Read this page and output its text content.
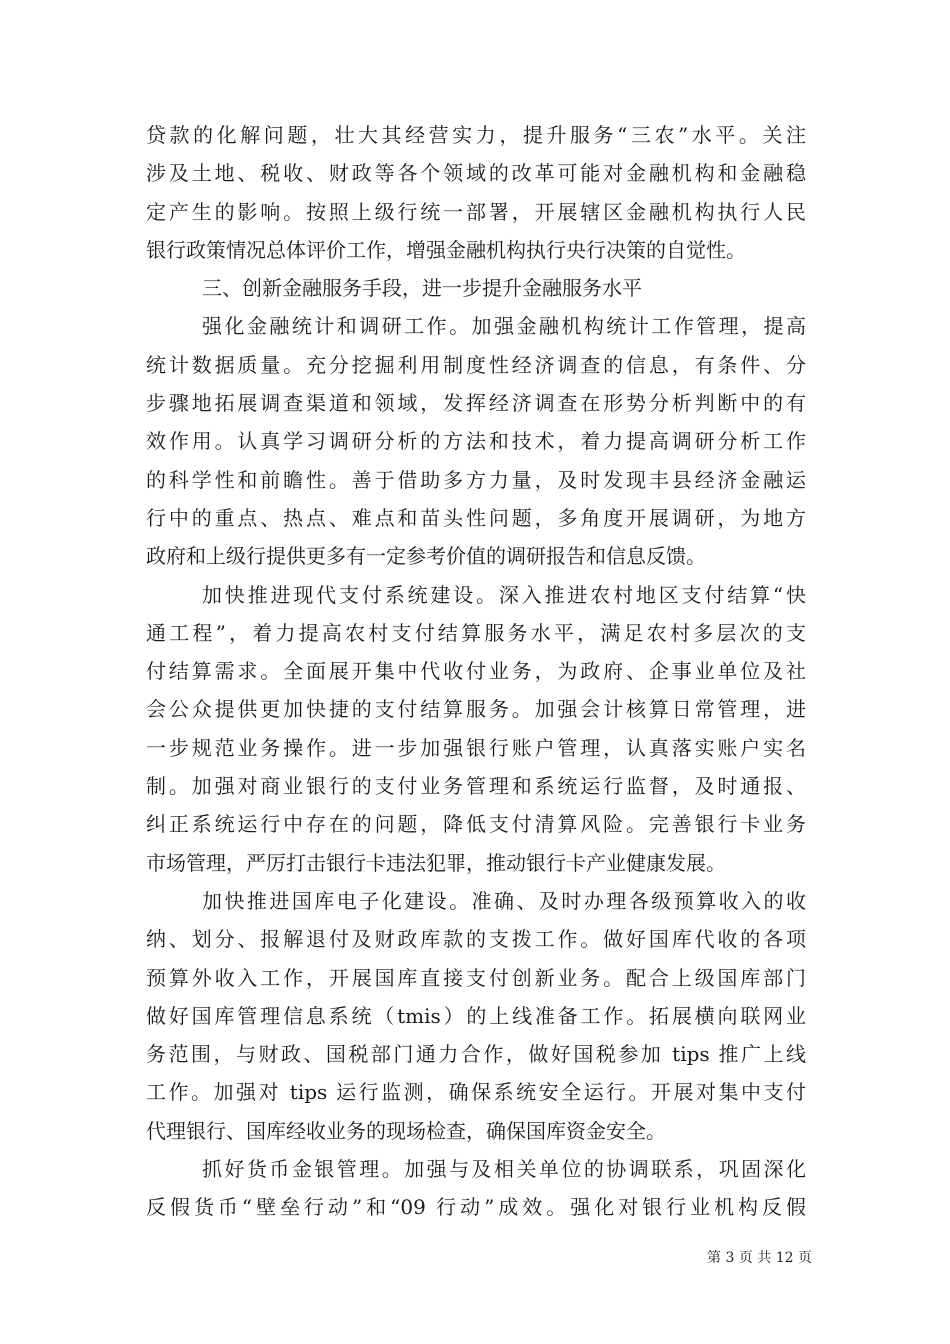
贷款的化解问题，壮大其经营实力，提升服务“三农”水平。关注
涉及土地、税收、财政等各个领域的改革可能对金融机构和金融稳
定产生的影响。按照上级行统一部署，开展辖区金融机构执行人民
银行政策情况总体评价工作，增强金融机构执行央行决策的自觉性。
三、创新金融服务手段，进一步提升金融服务水平
强化金融统计和调研工作。加强金融机构统计工作管理，提高
统计数据质量。充分挖掘利用制度性经济调查的信息，有条件、分
步骤地拓展调查渠道和领域，发挥经济调查在形势分析判断中的有
效作用。认真学习调研分析的方法和技术，着力提高调研分析工作
的科学性和前瞻性。善于借助多方力量，及时发现丰县经济金融运
行中的重点、热点、难点和苗头性问题，多角度开展调研，为地方
政府和上级行提供更多有一定参考价值的调研报告和信息反馈。
加快推进现代支付系统建设。深入推进农村地区支付结算“快
通工程”，着力提高农村支付结算服务水平，满足农村多层次的支
付结算需求。全面展开集中代收付业务，为政府、企事业单位及社
会公众提供更加快捷的支付结算服务。加强会计核算日常管理，进
一步规范业务操作。进一步加强银行账户管理，认真落实账户实名
制。加强对商业银行的支付业务管理和系统运行监督，及时通报、
纠正系统运行中存在的问题，降低支付清算风险。完善银行卡业务
市场管理，严厉打击银行卡违法犯罪，推动银行卡产业健康发展。
加快推进国库电子化建设。准确、及时办理各级预算收入的收
纳、划分、报解退付及财政库款的支拨工作。做好国库代收的各项
预算外收入工作，开展国库直接支付创新业务。配合上级国库部门
做好国库管理信息系统（tmis）的上线准备工作。拓展横向联网业
务范围，与财政、国税部门通力合作，做好国税参加 tips 推广上线
工作。加强对 tips 运行监测，确保系统安全运行。开展对集中支付
代理银行、国库经收业务的现场检查，确保国库资金安全。
抓好货币金银管理。加强与及相关单位的协调联系，巩固深化
反假货币“壁垒行动”和“09 行动”成效。强化对银行业机构反假
第 3 页 共 12 页
